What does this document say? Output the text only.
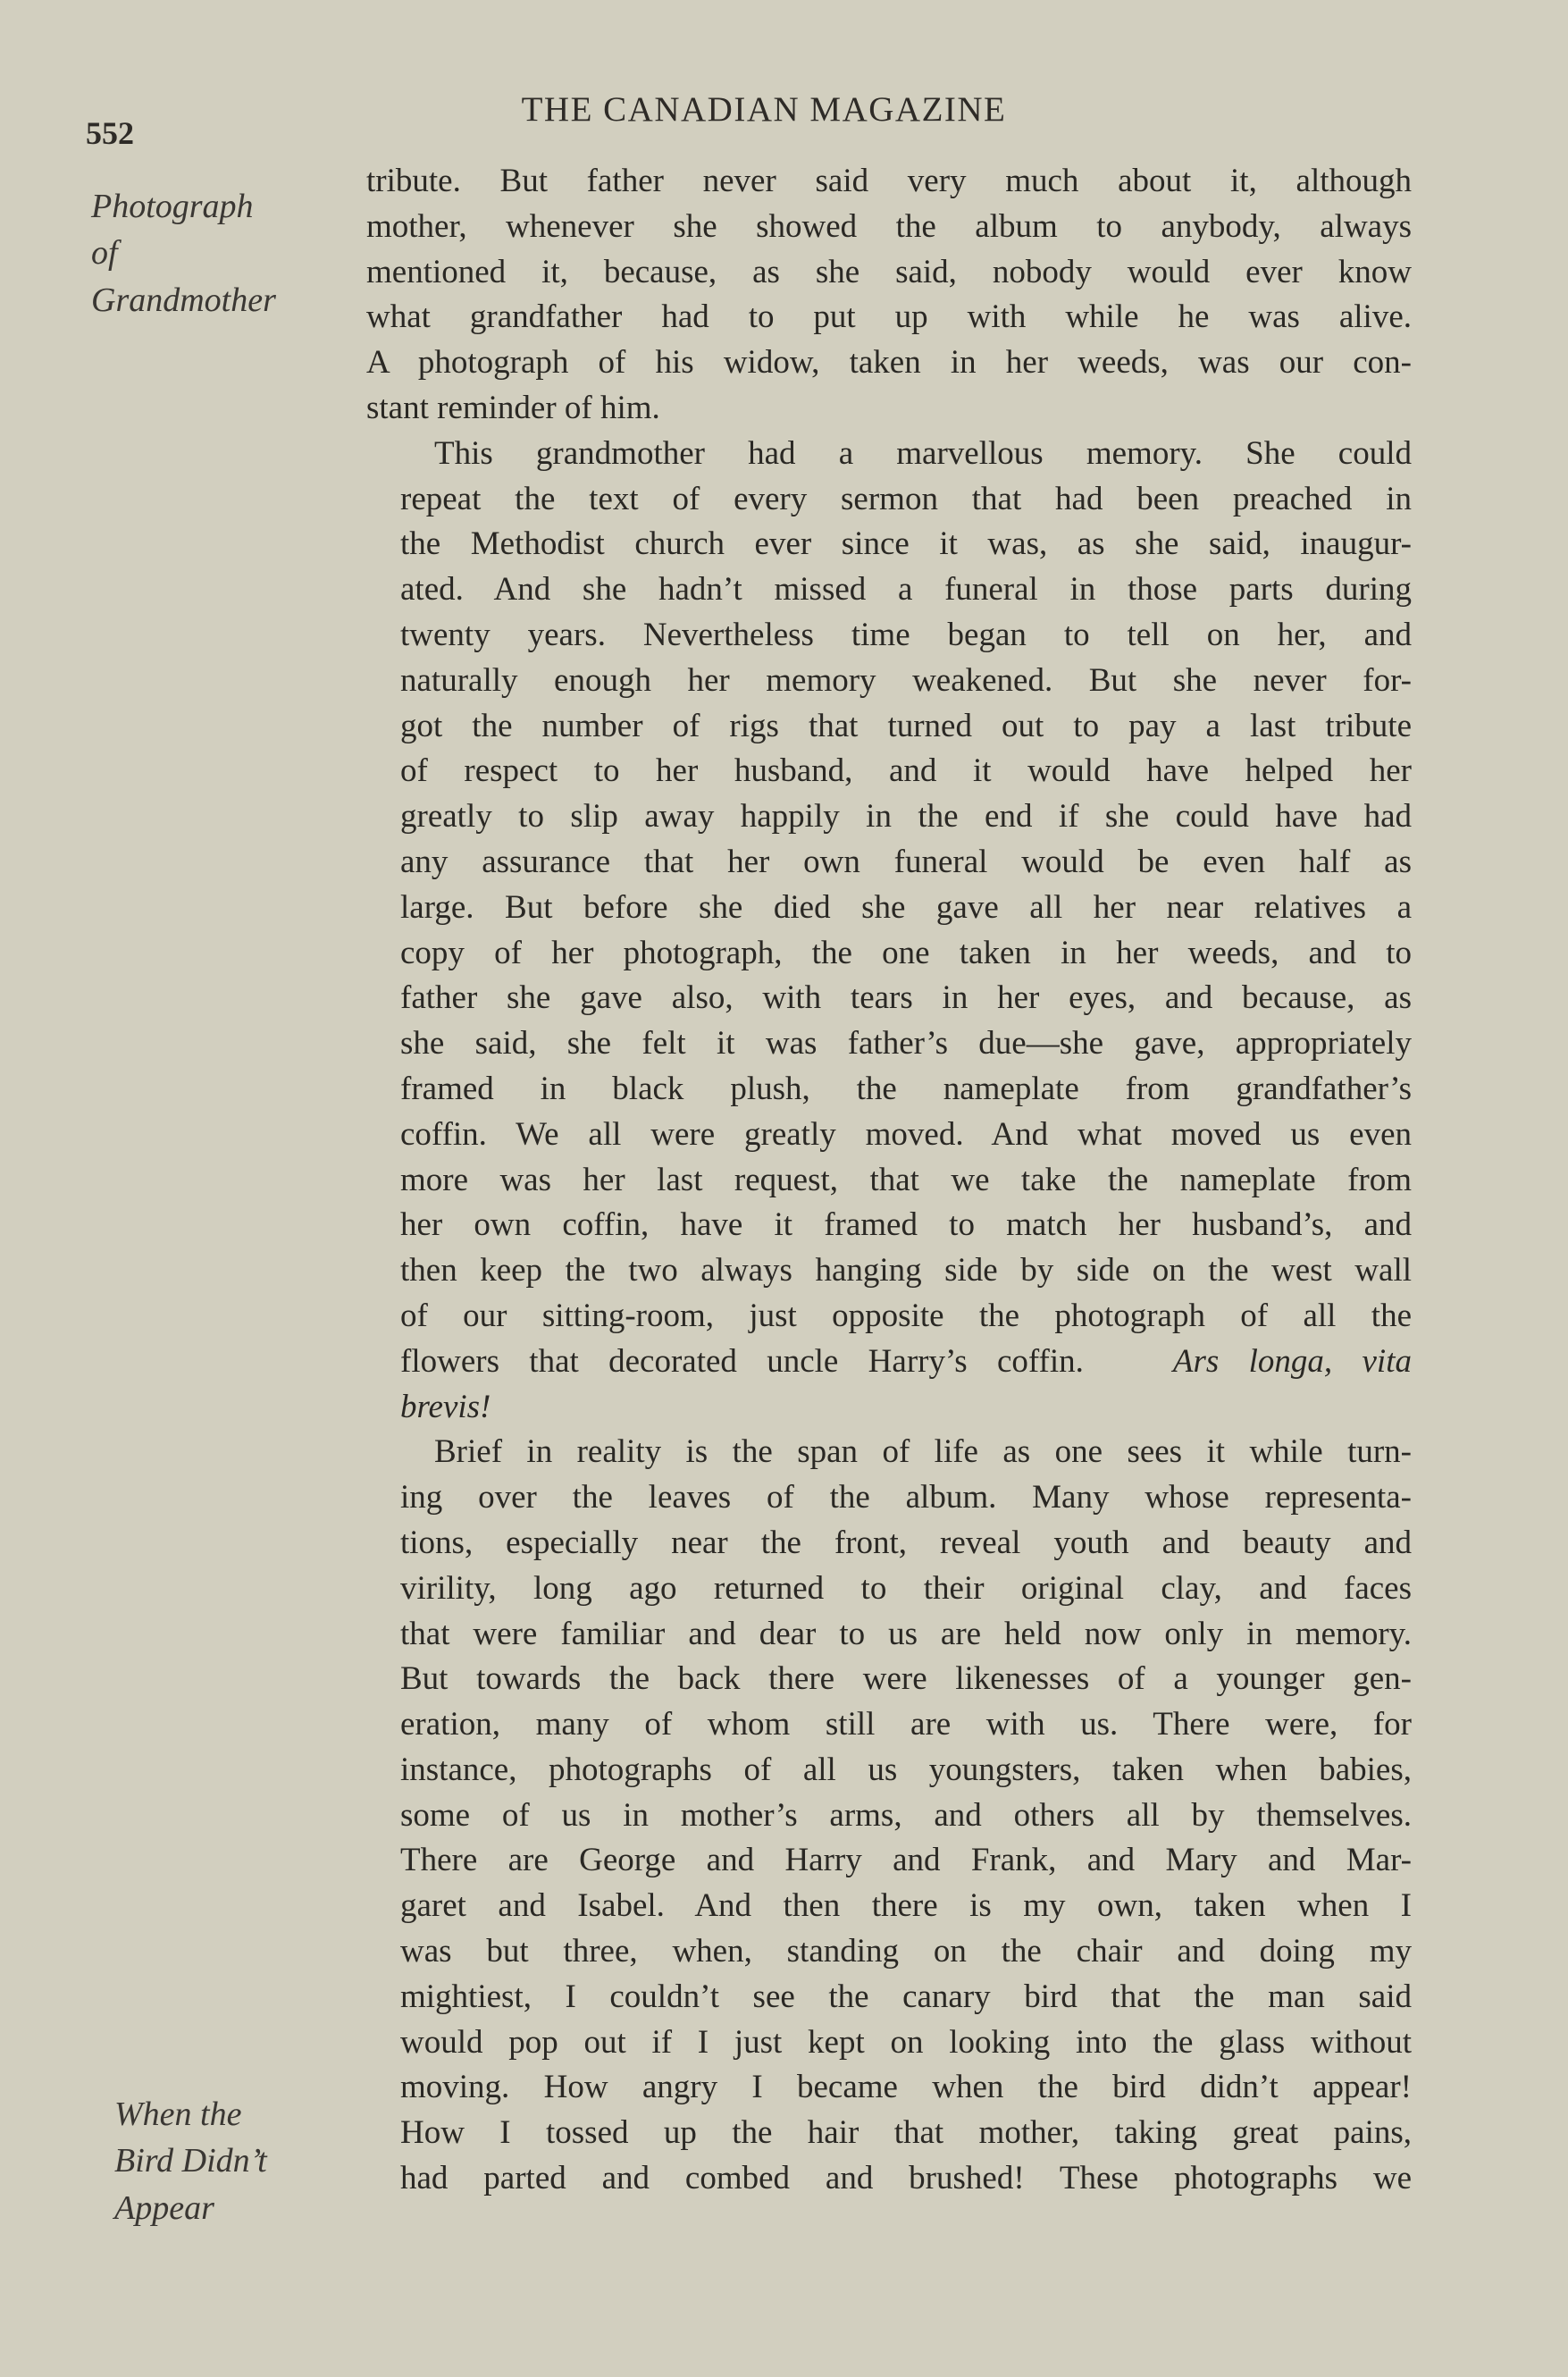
552

THE CANADIAN MAGAZINE

Photograph
of
Grandmother

When the
Bird Didn’t
Appear

tribute. But father never said very much about it, although
mother, whenever she showed the album to anybody, always
mentioned it, because, as she said, nobody would ever know
what grandfather had to put up with while he was alive.
A photograph of his widow, taken in her weeds, was our con-
stant reminder of him.

This grandmother had a marvellous memory. She could
repeat the text of every sermon that had been preached in
the Methodist church ever since it was, as she said, inaugur-
ated. And she hadn’t missed a funeral in those parts during
twenty years. Nevertheless time began to tell on her, and
naturally enough her memory weakened. But she never for-
got the number of rigs that turned out to pay a last tribute
of respect to her husband, and it would have helped her
greatly to slip away happily in the end if she could have had
any assurance that her own funeral would be even half as
large. But before she died she gave all her near relatives a
copy of her photograph, the one taken in her weeds, and to
father she gave also, with tears in her eyes, and because, as
she said, she felt it was father’s due—she gave, appropriately
framed in black plush, the nameplate from grandfather’s
coffin. We all were greatly moved. And what moved us even
more was her last request, that we take the nameplate from
her own coffin, have it framed to match her husband’s, and
then keep the two always hanging side by side on the west wall
of our sitting-room, just opposite the photograph of all the
flowers that decorated uncle Harry’s coffin.	Ars longa, vita
brevis!

Brief in reality is the span of life as one sees it while turn-
ing over the leaves of the album. Many whose representa-
tions, especially near the front, reveal youth and beauty and
virility, long ago returned to their original clay, and faces
that were familiar and dear to us are held now only in memory.
But towards the back there were likenesses of a younger gen-
eration, many of whom still are with us. There were, for
instance, photographs of all us youngsters, taken when babies,
some of us in mother’s arms, and others all by themselves.
There are George and Harry and Frank, and Mary and Mar-
garet and Isabel. And then there is my own, taken when I
was but three, when, standing on the chair and doing my
mightiest, I couldn’t see the canary bird that the man said
would pop out if I just kept on looking into the glass without
moving. How angry I became when the bird didn’t appear!
How I tossed up the hair that mother, taking great pains,
had parted and combed and brushed! These photographs we
